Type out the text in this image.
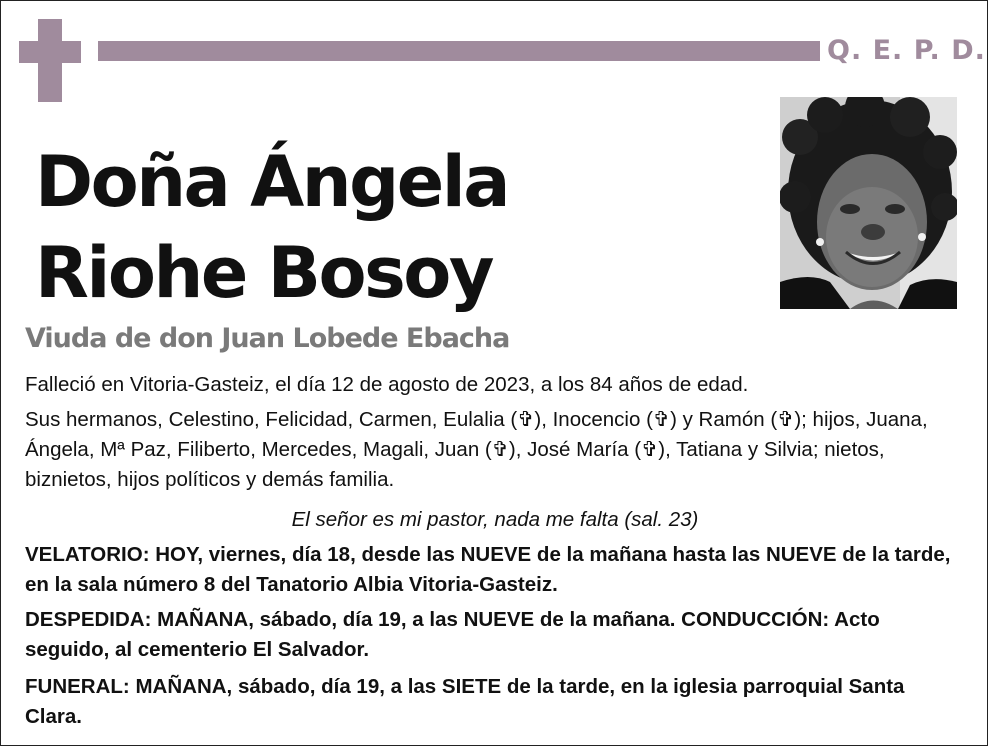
Q. E. P. D.
Doña Ángela
Riohe Bosoy
Viuda de don Juan Lobede Ebacha
Falleció en Vitoria-Gasteiz, el día 12 de agosto de 2023, a los 84 años de edad.
Sus hermanos, Celestino, Felicidad, Carmen, Eulalia (✞), Inocencio (✞) y Ramón (✞); hijos, Juana, Ángela, Mª Paz, Filiberto, Mercedes, Magali, Juan (✞), José María (✞), Tatiana y Silvia; nietos, biznietos, hijos políticos y demás familia.
El señor es mi pastor, nada me falta (sal. 23)
VELATORIO: HOY, viernes, día 18, desde las NUEVE de la mañana hasta las NUEVE de la tarde, en la sala número 8 del Tanatorio Albia Vitoria-Gasteiz.
DESPEDIDA: MAÑANA, sábado, día 19, a las NUEVE de la mañana. CONDUCCIÓN: Acto seguido, al cementerio El Salvador.
FUNERAL: MAÑANA, sábado, día 19, a las SIETE de la tarde, en la iglesia parroquial Santa Clara.
